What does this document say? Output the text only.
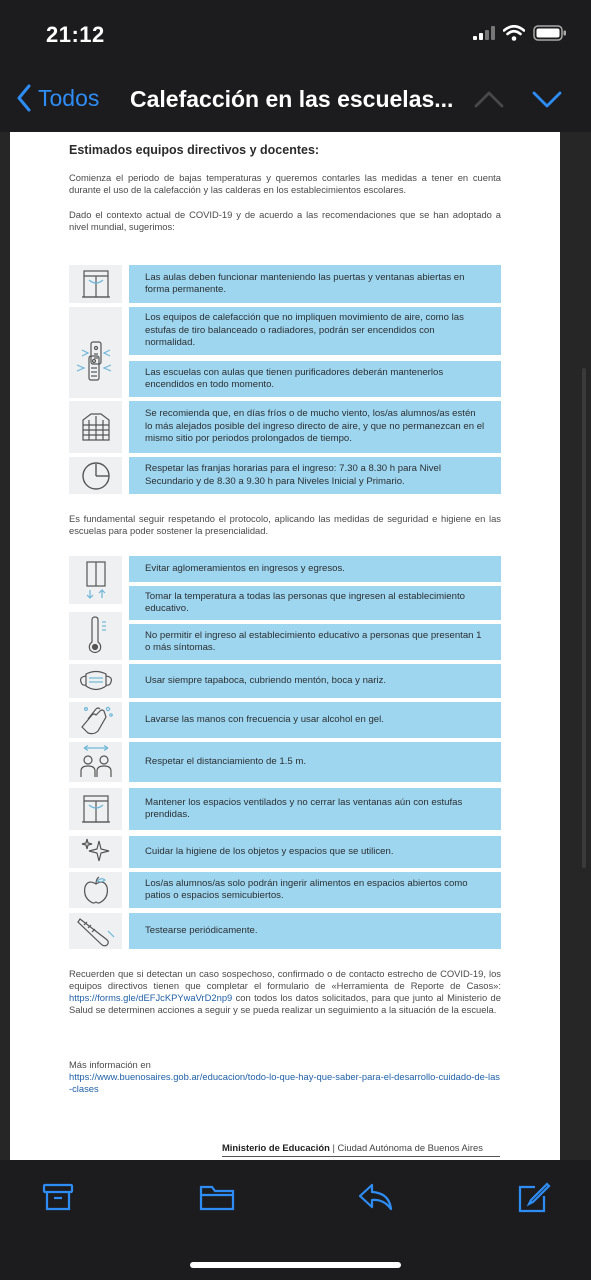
21:12
Todos Calefacción en las escuelas...
Estimados equipos directivos y docentes:
Comienza el periodo de bajas temperaturas y queremos contarles las medidas a tener en cuenta durante el uso de la calefacción y las calderas en los establecimientos escolares.
Dado el contexto actual de COVID-19 y de acuerdo a las recomendaciones que se han adoptado a nivel mundial, sugerimos:
Las aulas deben funcionar manteniendo las puertas y ventanas abiertas en forma permanente.
Los equipos de calefacción que no impliquen movimiento de aire, como las estufas de tiro balanceado o radiadores, podrán ser encendidos con normalidad.
Las escuelas con aulas que tienen purificadores deberán mantenerlos encendidos en todo momento.
Se recomienda que, en días fríos o de mucho viento, los/as alumnos/as estén lo más alejados posible del ingreso directo de aire, y que no permanezcan en el mismo sitio por periodos prolongados de tiempo.
Respetar las franjas horarias para el ingreso: 7.30 a 8.30 h para Nivel Secundario y de 8.30 a 9.30 h para Niveles Inicial y Primario.
Es fundamental seguir respetando el protocolo, aplicando las medidas de seguridad e higiene en las escuelas para poder sostener la presencialidad.
Evitar aglomeramientos en ingresos y egresos.
Tomar la temperatura a todas las personas que ingresen al establecimiento educativo.
No permitir el ingreso al establecimiento educativo a personas que presentan 1 o más síntomas.
Usar siempre tapaboca, cubriendo mentón, boca y nariz.
Lavarse las manos con frecuencia y usar alcohol en gel.
Respetar el distanciamiento de 1.5 m.
Mantener los espacios ventilados y no cerrar las ventanas aún con estufas prendidas.
Cuidar la higiene de los objetos y espacios que se utilicen.
Los/as alumnos/as solo podrán ingerir alimentos en espacios abiertos como patios o espacios semicubiertos.
Testearse periódicamente.
Recuerden que si detectan un caso sospechoso, confirmado o de contacto estrecho de COVID-19, los equipos directivos tienen que completar el formulario de «Herramienta de Reporte de Casos»: https://forms.gle/dEFJcKPYwaVrD2np9 con todos los datos solicitados, para que junto al Ministerio de Salud se determinen acciones a seguir y se pueda realizar un seguimiento a la situación de la escuela.
Más información en
https://www.buenosaires.gob.ar/educacion/todo-lo-que-hay-que-saber-para-el-desarrollo-cuidado-de-las-clases
Ministerio de Educación | Ciudad Autónoma de Buenos Aires
